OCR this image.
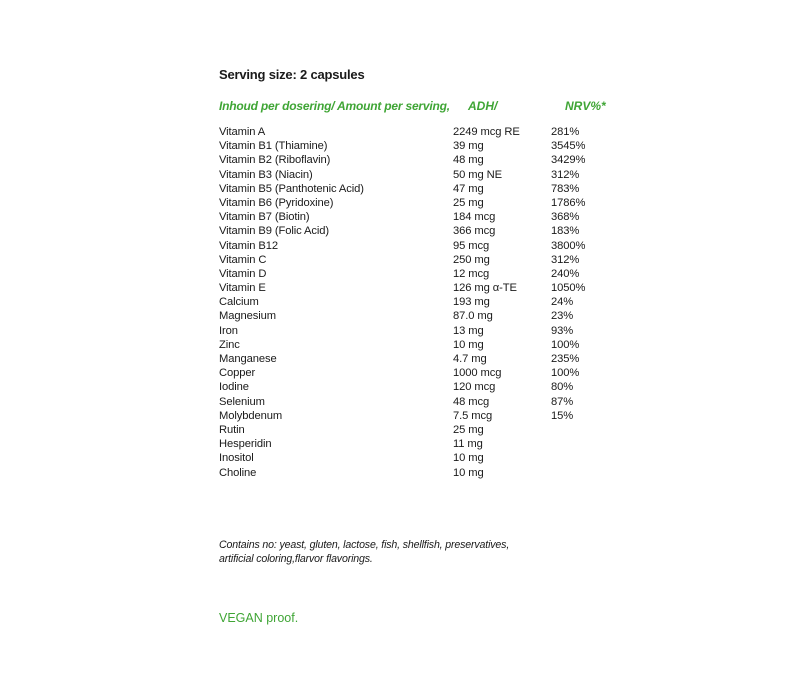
Serving size: 2 capsules
Inhoud per dosering/ Amount per serving, ADH/	NRV%*
Vitamin A	2249 mcg RE	281%
Vitamin B1 (Thiamine)	39 mg	3545%
Vitamin B2 (Riboflavin)	48 mg	3429%
Vitamin B3 (Niacin)	50 mg NE	312%
Vitamin B5 (Panthotenic Acid)	47 mg	783%
Vitamin B6 (Pyridoxine)	25 mg	1786%
Vitamin B7 (Biotin)	184 mcg	368%
Vitamin B9 (Folic Acid)	366 mcg	183%
Vitamin B12	95 mcg	3800%
Vitamin C	250 mg	312%
Vitamin D	12 mcg	240%
Vitamin E	126 mg α-TE	1050%
Calcium	193 mg	24%
Magnesium	87.0 mg	23%
Iron	13 mg	93%
Zinc	10 mg	100%
Manganese	4.7 mg	235%
Copper	1000 mcg	100%
Iodine	120 mcg	80%
Selenium	48 mcg	87%
Molybdenum	7.5 mcg	15%
Rutin	25 mg
Hesperidin	11 mg
Inositol	10 mg
Choline	10 mg
Contains no: yeast, gluten, lactose, fish, shellfish, preservatives, artificial coloring,flarvor flavorings.
VEGAN proof.
